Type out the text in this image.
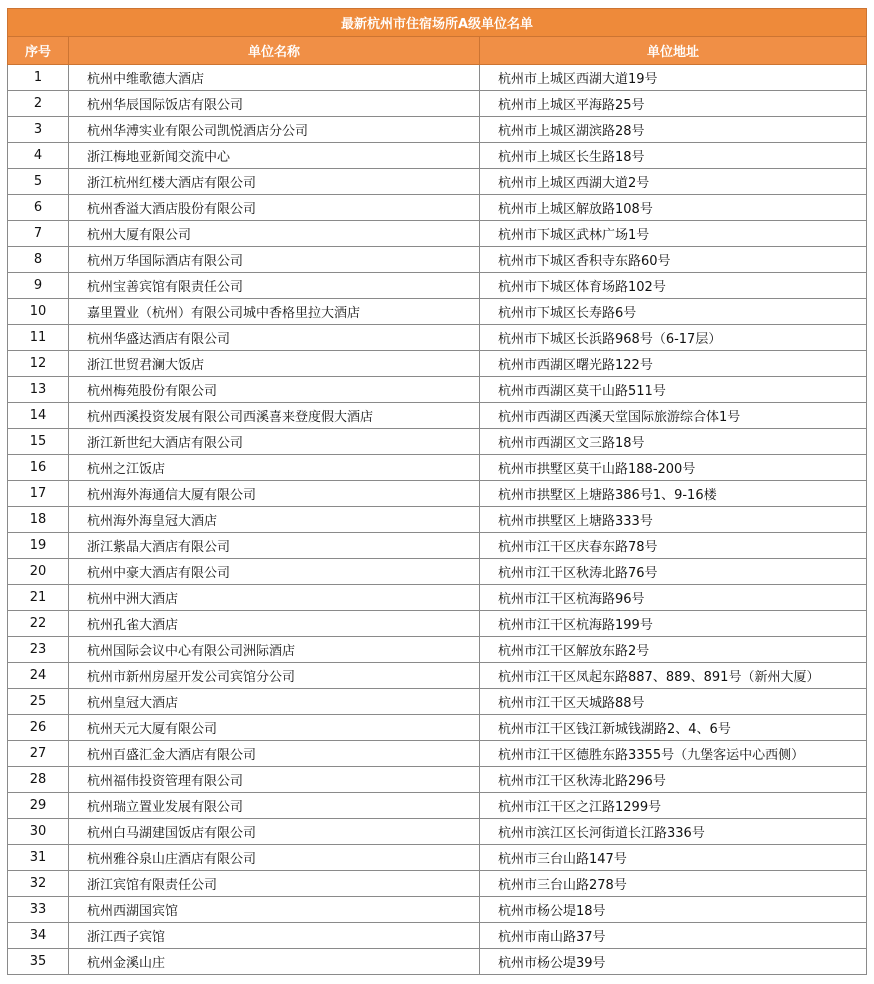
最新杭州市住宿场所A级单位名单		
序号	单位名称	单位地址
1	杭州中维歌德大酒店	杭州市上城区西湖大道19号
2	杭州华辰国际饭店有限公司	杭州市上城区平海路25号
3	杭州华溥实业有限公司凯悦酒店分公司	杭州市上城区湖滨路28号
4	浙江梅地亚新闻交流中心	杭州市上城区长生路18号
5	浙江杭州红楼大酒店有限公司	杭州市上城区西湖大道2号
6	杭州香溢大酒店股份有限公司	杭州市上城区解放路108号
7	杭州大厦有限公司	杭州市下城区武林广场1号
8	杭州万华国际酒店有限公司	杭州市下城区香积寺东路60号
9	杭州宝善宾馆有限责任公司	杭州市下城区体育场路102号
10	嘉里置业（杭州）有限公司城中香格里拉大酒店	杭州市下城区长寿路6号
11	杭州华盛达酒店有限公司	杭州市下城区长浜路968号（6-17层）
12	浙江世贸君澜大饭店	杭州市西湖区曙光路122号
13	杭州梅苑股份有限公司	杭州市西湖区莫干山路511号
14	杭州西溪投资发展有限公司西溪喜来登度假大酒店	杭州市西湖区西溪天堂国际旅游综合体1号
15	浙江新世纪大酒店有限公司	杭州市西湖区文三路18号
16	杭州之江饭店	杭州市拱墅区莫干山路188-200号
17	杭州海外海通信大厦有限公司	杭州市拱墅区上塘路386号1、9-16楼
18	杭州海外海皇冠大酒店	杭州市拱墅区上塘路333号
19	浙江紫晶大酒店有限公司	杭州市江干区庆春东路78号
20	杭州中豪大酒店有限公司	杭州市江干区秋涛北路76号
21	杭州中洲大酒店	杭州市江干区杭海路96号
22	杭州孔雀大酒店	杭州市江干区杭海路199号
23	杭州国际会议中心有限公司洲际酒店	杭州市江干区解放东路2号
24	杭州市新州房屋开发公司宾馆分公司	杭州市江干区凤起东路887、889、891号（新州大厦）
25	杭州皇冠大酒店	杭州市江干区天城路88号
26	杭州天元大厦有限公司	杭州市江干区钱江新城钱湖路2、4、6号
27	杭州百盛汇金大酒店有限公司	杭州市江干区德胜东路3355号（九堡客运中心西侧）
28	杭州福伟投资管理有限公司	杭州市江干区秋涛北路296号
29	杭州瑞立置业发展有限公司	杭州市江干区之江路1299号
30	杭州白马湖建国饭店有限公司	杭州市滨江区长河街道长江路336号
31	杭州雅谷泉山庄酒店有限公司	杭州市三台山路147号
32	浙江宾馆有限责任公司	杭州市三台山路278号
33	杭州西湖国宾馆	杭州市杨公堤18号
34	浙江西子宾馆	杭州市南山路37号
35	杭州金溪山庄	杭州市杨公堤39号
